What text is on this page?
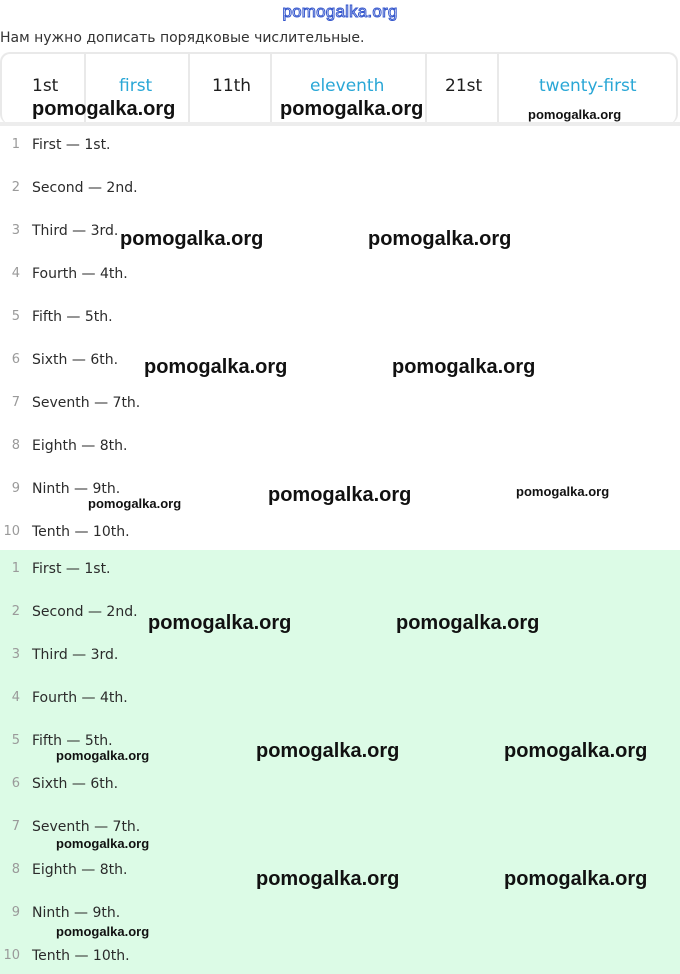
pomogalka.org
Нам нужно дописать порядковые числительные.
1st	first	11th	eleventh	21st	twenty-first
1 First — 1st.
2 Second — 2nd.
3 Third — 3rd.
4 Fourth — 4th.
5 Fifth — 5th.
6 Sixth — 6th.
7 Seventh — 7th.
8 Eighth — 8th.
9 Ninth — 9th.
10 Tenth — 10th.
1 First — 1st.
2 Second — 2nd.
3 Third — 3rd.
4 Fourth — 4th.
5 Fifth — 5th.
6 Sixth — 6th.
7 Seventh — 7th.
8 Eighth — 8th.
9 Ninth — 9th.
10 Tenth — 10th.
pomogalka.org	pomogalka.org	pomogalka.org
pomogalka.org	pomogalka.org
pomogalka.org	pomogalka.org
pomogalka.org	pomogalka.org	pomogalka.org
pomogalka.org	pomogalka.org
pomogalka.org	pomogalka.org	pomogalka.org
pomogalka.org
pomogalka.org	pomogalka.org
pomogalka.org
